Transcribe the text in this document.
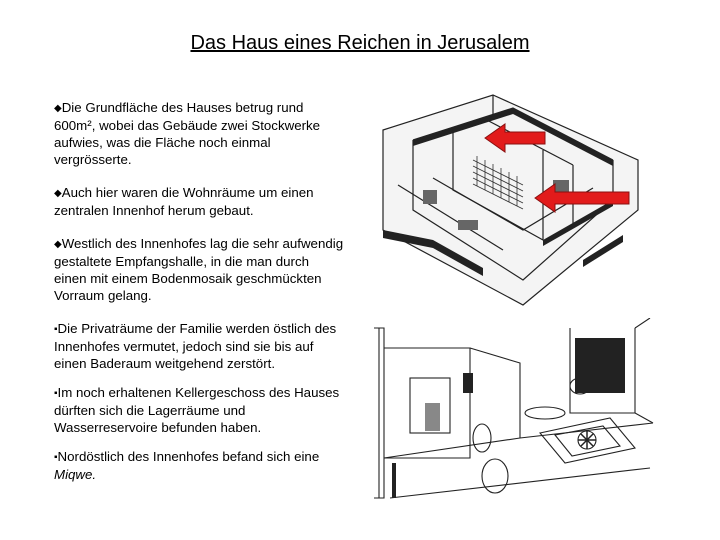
Das Haus eines Reichen in Jerusalem

◆Die Grundfläche des Hauses betrug rund 600m², wobei das Gebäude zwei Stockwerke aufwies, was die Fläche noch einmal vergrösserte.

◆Auch hier waren die Wohnräume um einen zentralen Innenhof herum gebaut.

◆Westlich des Innenhofes lag die sehr aufwendig gestaltete Empfangshalle, in die man durch einen mit einem Bodenmosaik geschmückten Vorraum gelang.

▪Die Privaträume der Familie werden östlich des Innenhofes vermutet, jedoch sind sie bis auf einen Baderaum weitgehend zerstört.

▪Im noch erhaltenen Kellergeschoss des Hauses dürften sich die Lagerräume und Wasserreservoire befunden haben.

▪Nordöstlich des Innenhofes befand sich eine Miqwe.
